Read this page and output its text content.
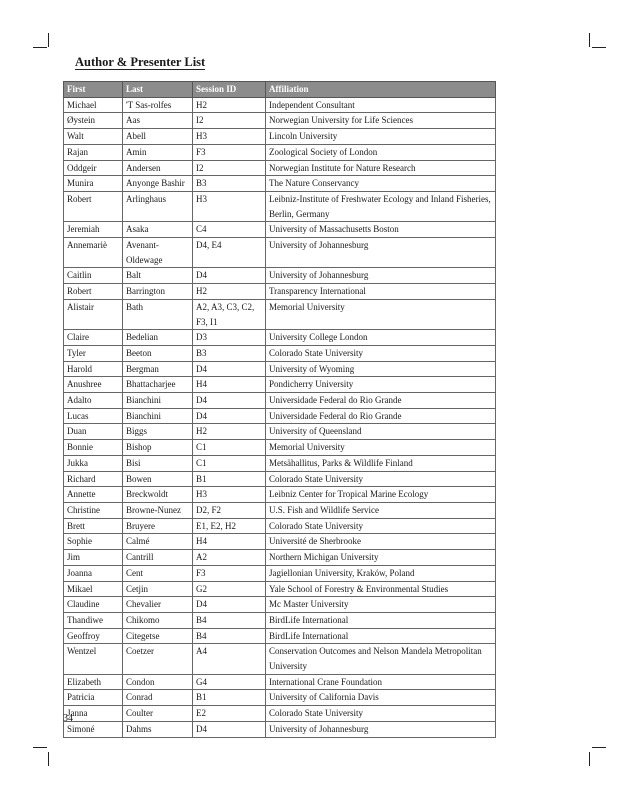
Author & Presenter List
First	Last	Session ID	Affiliation
Michael	'T Sas-rolfes	H2	Independent Consultant
Øystein	Aas	I2	Norwegian University for Life Sciences
Walt	Abell	H3	Lincoln University
Rajan	Amin	F3	Zoological Society of London
Oddgeir	Andersen	I2	Norwegian Institute for Nature Research
Munira	Anyonge Bashir	B3	The Nature Conservancy
Robert	Arlinghaus	H3	Leibniz-Institute of Freshwater Ecology and Inland Fisheries, Berlin, Germany
Jeremiah	Asaka	C4	University of Massachusetts Boston
Annemariè	Avenant-Oldewage	D4, E4	University of Johannesburg
Caitlin	Balt	D4	University of Johannesburg
Robert	Barrington	H2	Transparency International
Alistair	Bath	A2, A3, C3, C2, F3, I1	Memorial University
Claire	Bedelian	D3	University College London
Tyler	Beeton	B3	Colorado State University
Harold	Bergman	D4	University of Wyoming
Anushree	Bhattacharjee	H4	Pondicherry University
Adalto	Bianchini	D4	Universidade Federal do Rio Grande
Lucas	Bianchini	D4	Universidade Federal do Rio Grande
Duan	Biggs	H2	University of Queensland
Bonnie	Bishop	C1	Memorial University
Jukka	Bisi	C1	Metsähallitus, Parks & Wildlife Finland
Richard	Bowen	B1	Colorado State University
Annette	Breckwoldt	H3	Leibniz Center for Tropical Marine Ecology
Christine	Browne-Nunez	D2, F2	U.S. Fish and Wildlife Service
Brett	Bruyere	E1, E2, H2	Colorado State University
Sophie	Calmé	H4	Université de Sherbrooke
Jim	Cantrill	A2	Northern Michigan University
Joanna	Cent	F3	Jagiellonian University, Kraków, Poland
Mikael	Cetjin	G2	Yale School of Forestry & Environmental Studies
Claudine	Chevalier	D4	Mc Master University
Thandiwe	Chikomo	B4	BirdLife International
Geoffroy	Citegetse	B4	BirdLife International
Wentzel	Coetzer	A4	Conservation Outcomes and Nelson Mandela Metropolitan University
Elizabeth	Condon	G4	International Crane Foundation
Patricia	Conrad	B1	University of California Davis
Janna	Coulter	E2	Colorado State University
Simoné	Dahms	D4	University of Johannesburg
34
